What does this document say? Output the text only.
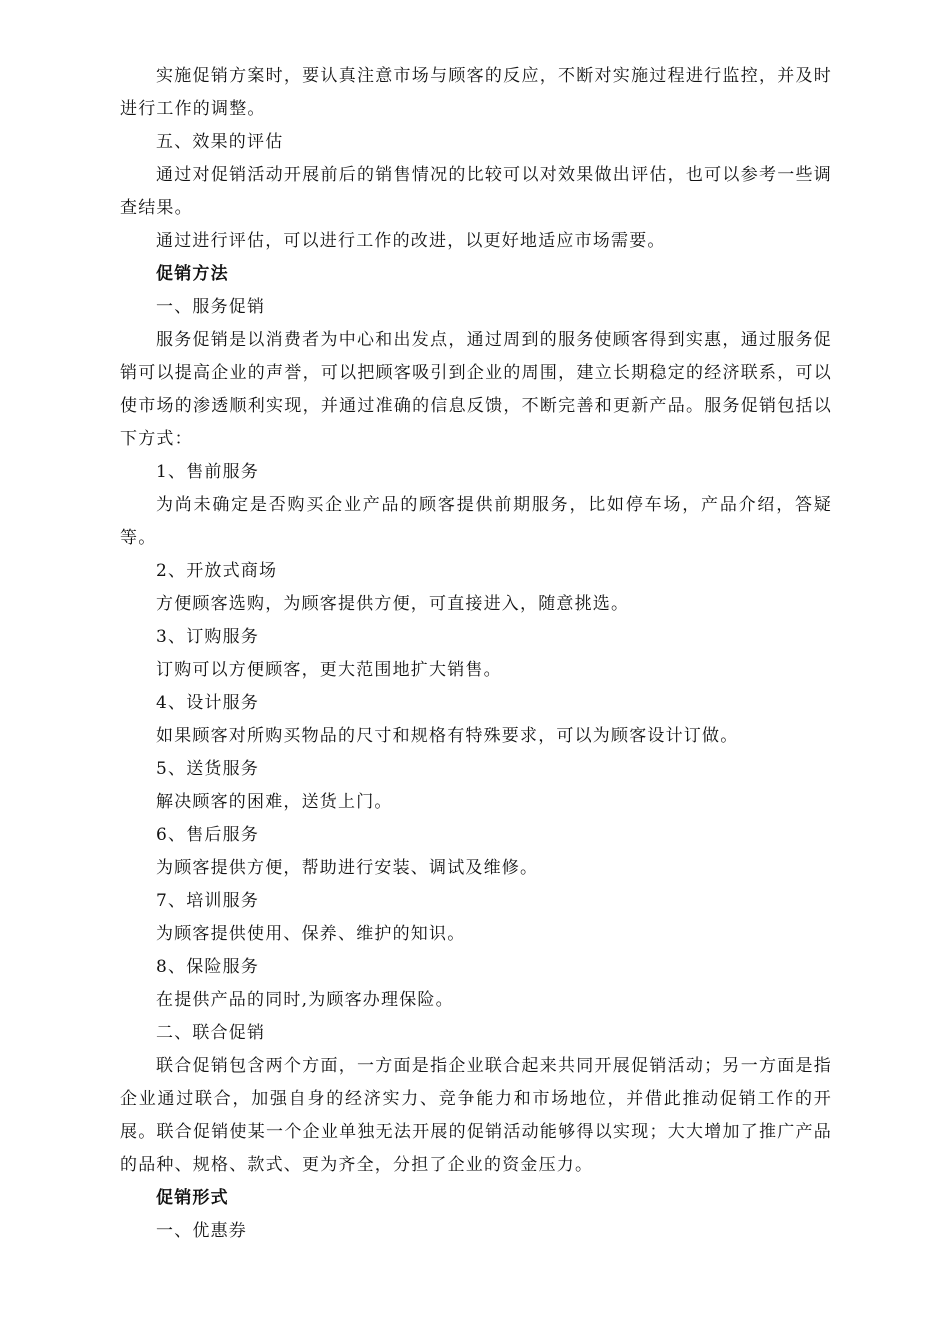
实施促销方案时，要认真注意市场与顾客的反应，不断对实施过程进行监控，并及时进行工作的调整。

五、效果的评估

通过对促销活动开展前后的销售情况的比较可以对效果做出评估，也可以参考一些调查结果。

通过进行评估，可以进行工作的改进，以更好地适应市场需要。

促销方法

一、服务促销

服务促销是以消费者为中心和出发点，通过周到的服务使顾客得到实惠，通过服务促销可以提高企业的声誉，可以把顾客吸引到企业的周围，建立长期稳定的经济联系，可以使市场的渗透顺利实现，并通过准确的信息反馈，不断完善和更新产品。服务促销包括以下方式：

1、售前服务

为尚未确定是否购买企业产品的顾客提供前期服务，比如停车场，产品介绍，答疑等。

2、开放式商场

方便顾客选购，为顾客提供方便，可直接进入，随意挑选。

3、订购服务

订购可以方便顾客，更大范围地扩大销售。

4、设计服务

如果顾客对所购买物品的尺寸和规格有特殊要求，可以为顾客设计订做。

5、送货服务

解决顾客的困难，送货上门。

6、售后服务

为顾客提供方便，帮助进行安装、调试及维修。

7、培训服务

为顾客提供使用、保养、维护的知识。

8、保险服务

在提供产品的同时,为顾客办理保险。

二、联合促销

联合促销包含两个方面，一方面是指企业联合起来共同开展促销活动；另一方面是指企业通过联合，加强自身的经济实力、竞争能力和市场地位，并借此推动促销工作的开展。联合促销使某一个企业单独无法开展的促销活动能够得以实现；大大增加了推广产品的品种、规格、款式、更为齐全，分担了企业的资金压力。

促销形式

一、优惠券
